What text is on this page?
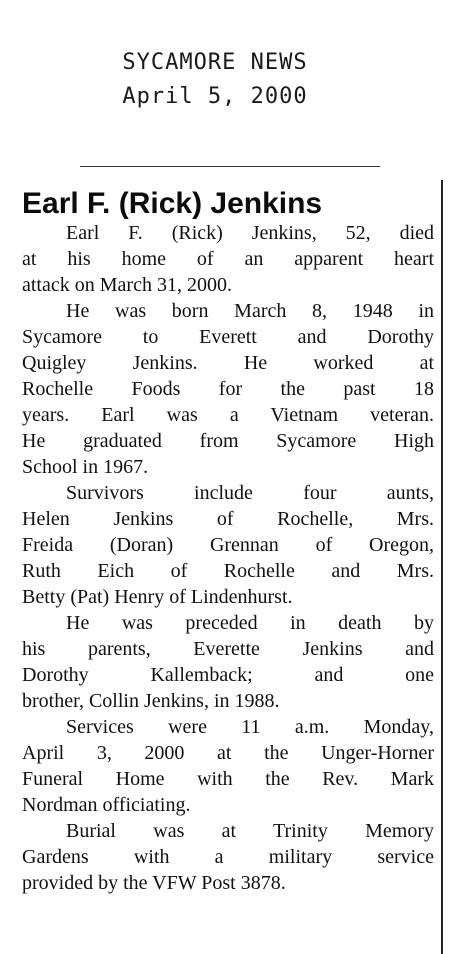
SYCAMORE NEWS
April 5, 2000
Earl F. (Rick) Jenkins

Earl F. (Rick) Jenkins, 52, died
at his home of an apparent heart
attack on March 31, 2000.

He was born March 8, 1948 in
Sycamore to Everett and Dorothy
Quigley Jenkins. He worked at
Rochelle Foods for the past 18
years. Earl was a Vietnam veteran.
He graduated from Sycamore High
School in 1967.

Survivors include four aunts,
Helen Jenkins of Rochelle, Mrs.
Freida (Doran) Grennan of Oregon,
Ruth Eich of Rochelle and Mrs.
Betty (Pat) Henry of Lindenhurst.

He was preceded in death by
his parents, Everette Jenkins and
Dorothy Kallemback; and one
brother, Collin Jenkins, in 1988.

Services were 11 a.m. Monday,
April 3, 2000 at the Unger-Horner
Funeral Home with the Rev. Mark
Nordman officiating.

Burial was at Trinity Memory
Gardens with a military service
provided by the VFW Post 3878.
